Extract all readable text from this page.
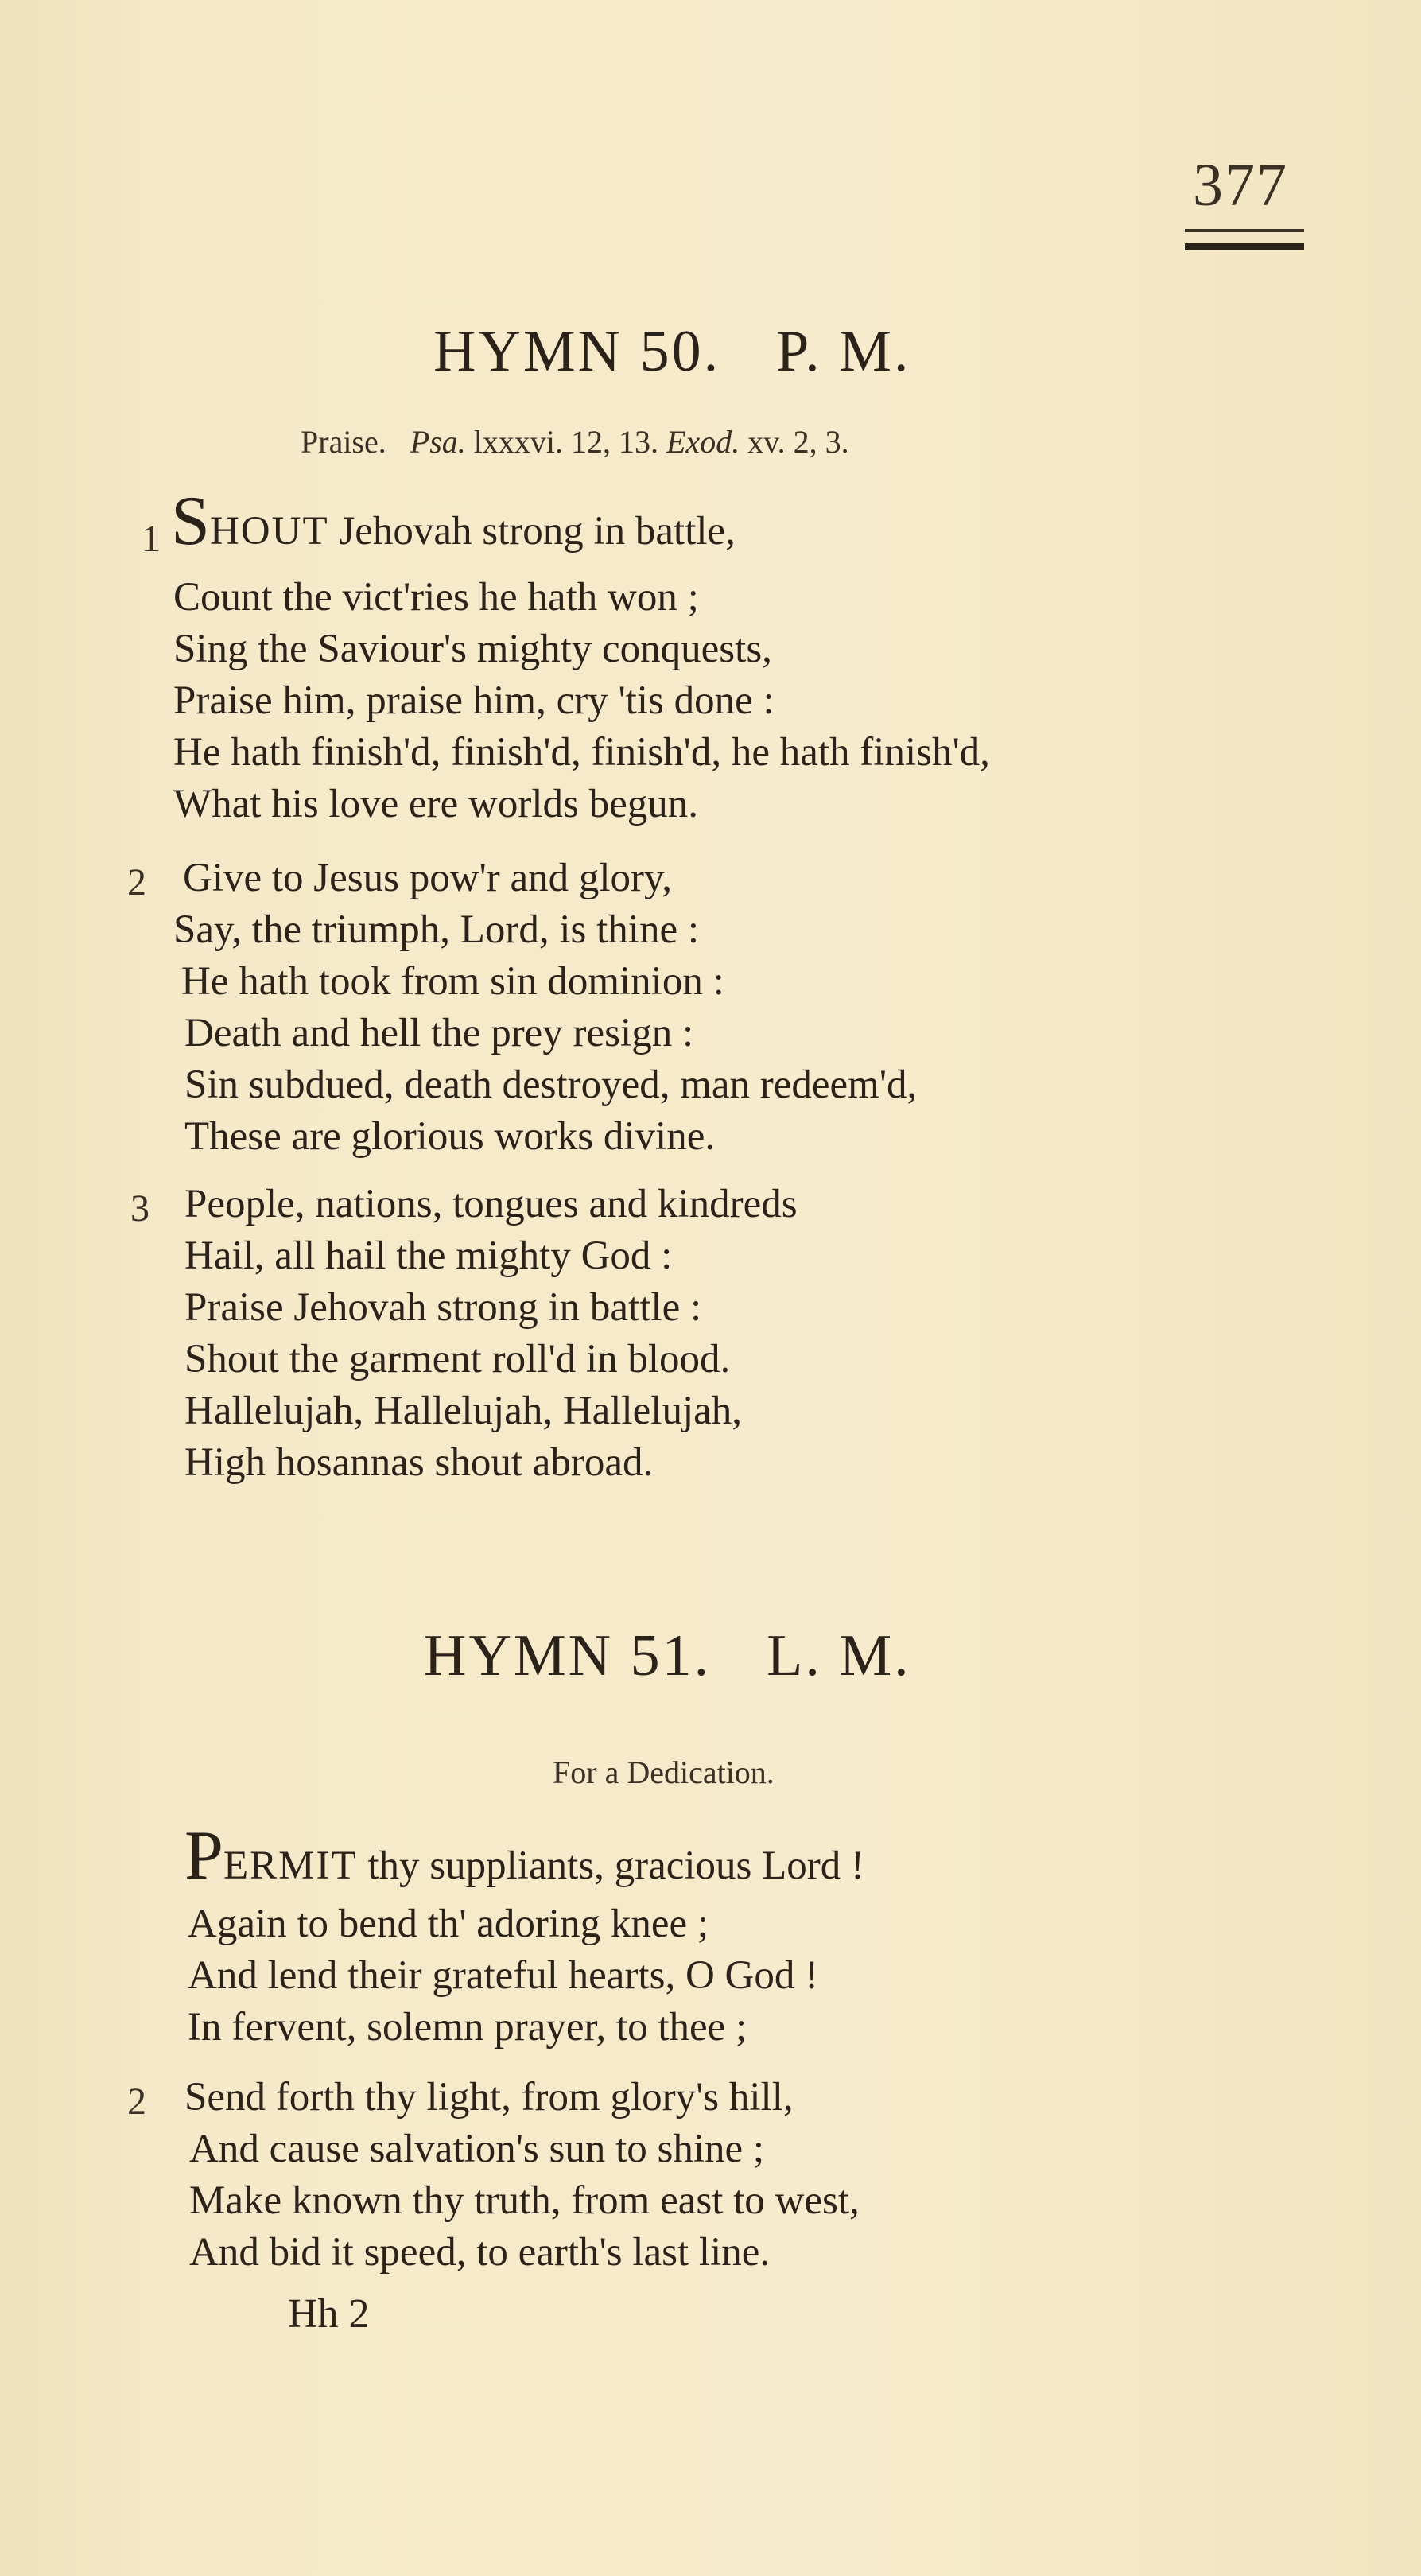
377
HYMN 50. P. M.
Praise. Psa. lxxxvi. 12, 13. Exod. xv. 2, 3.
1 SHOUT Jehovah strong in battle,
Count the vict'ries he hath won ;
Sing the Saviour's mighty conquests,
Praise him, praise him, cry 'tis done :
He hath finish'd, finish'd, finish'd, he hath finish'd,
What his love ere worlds begun.
2 Give to Jesus pow'r and glory,
Say, the triumph, Lord, is thine :
He hath took from sin dominion :
Death and hell the prey resign :
Sin subdued, death destroyed, man redeem'd,
These are glorious works divine.
3 People, nations, tongues and kindreds
Hail, all hail the mighty God :
Praise Jehovah strong in battle :
Shout the garment roll'd in blood.
Hallelujah, Hallelujah, Hallelujah,
High hosannas shout abroad.
HYMN 51. L. M.
For a Dedication.
PERMIT thy suppliants, gracious Lord !
Again to bend th' adoring knee ;
And lend their grateful hearts, O God !
In fervent, solemn prayer, to thee ;
2 Send forth thy light, from glory's hill,
And cause salvation's sun to shine ;
Make known thy truth, from east to west,
And bid it speed, to earth's last line.
Hh 2
